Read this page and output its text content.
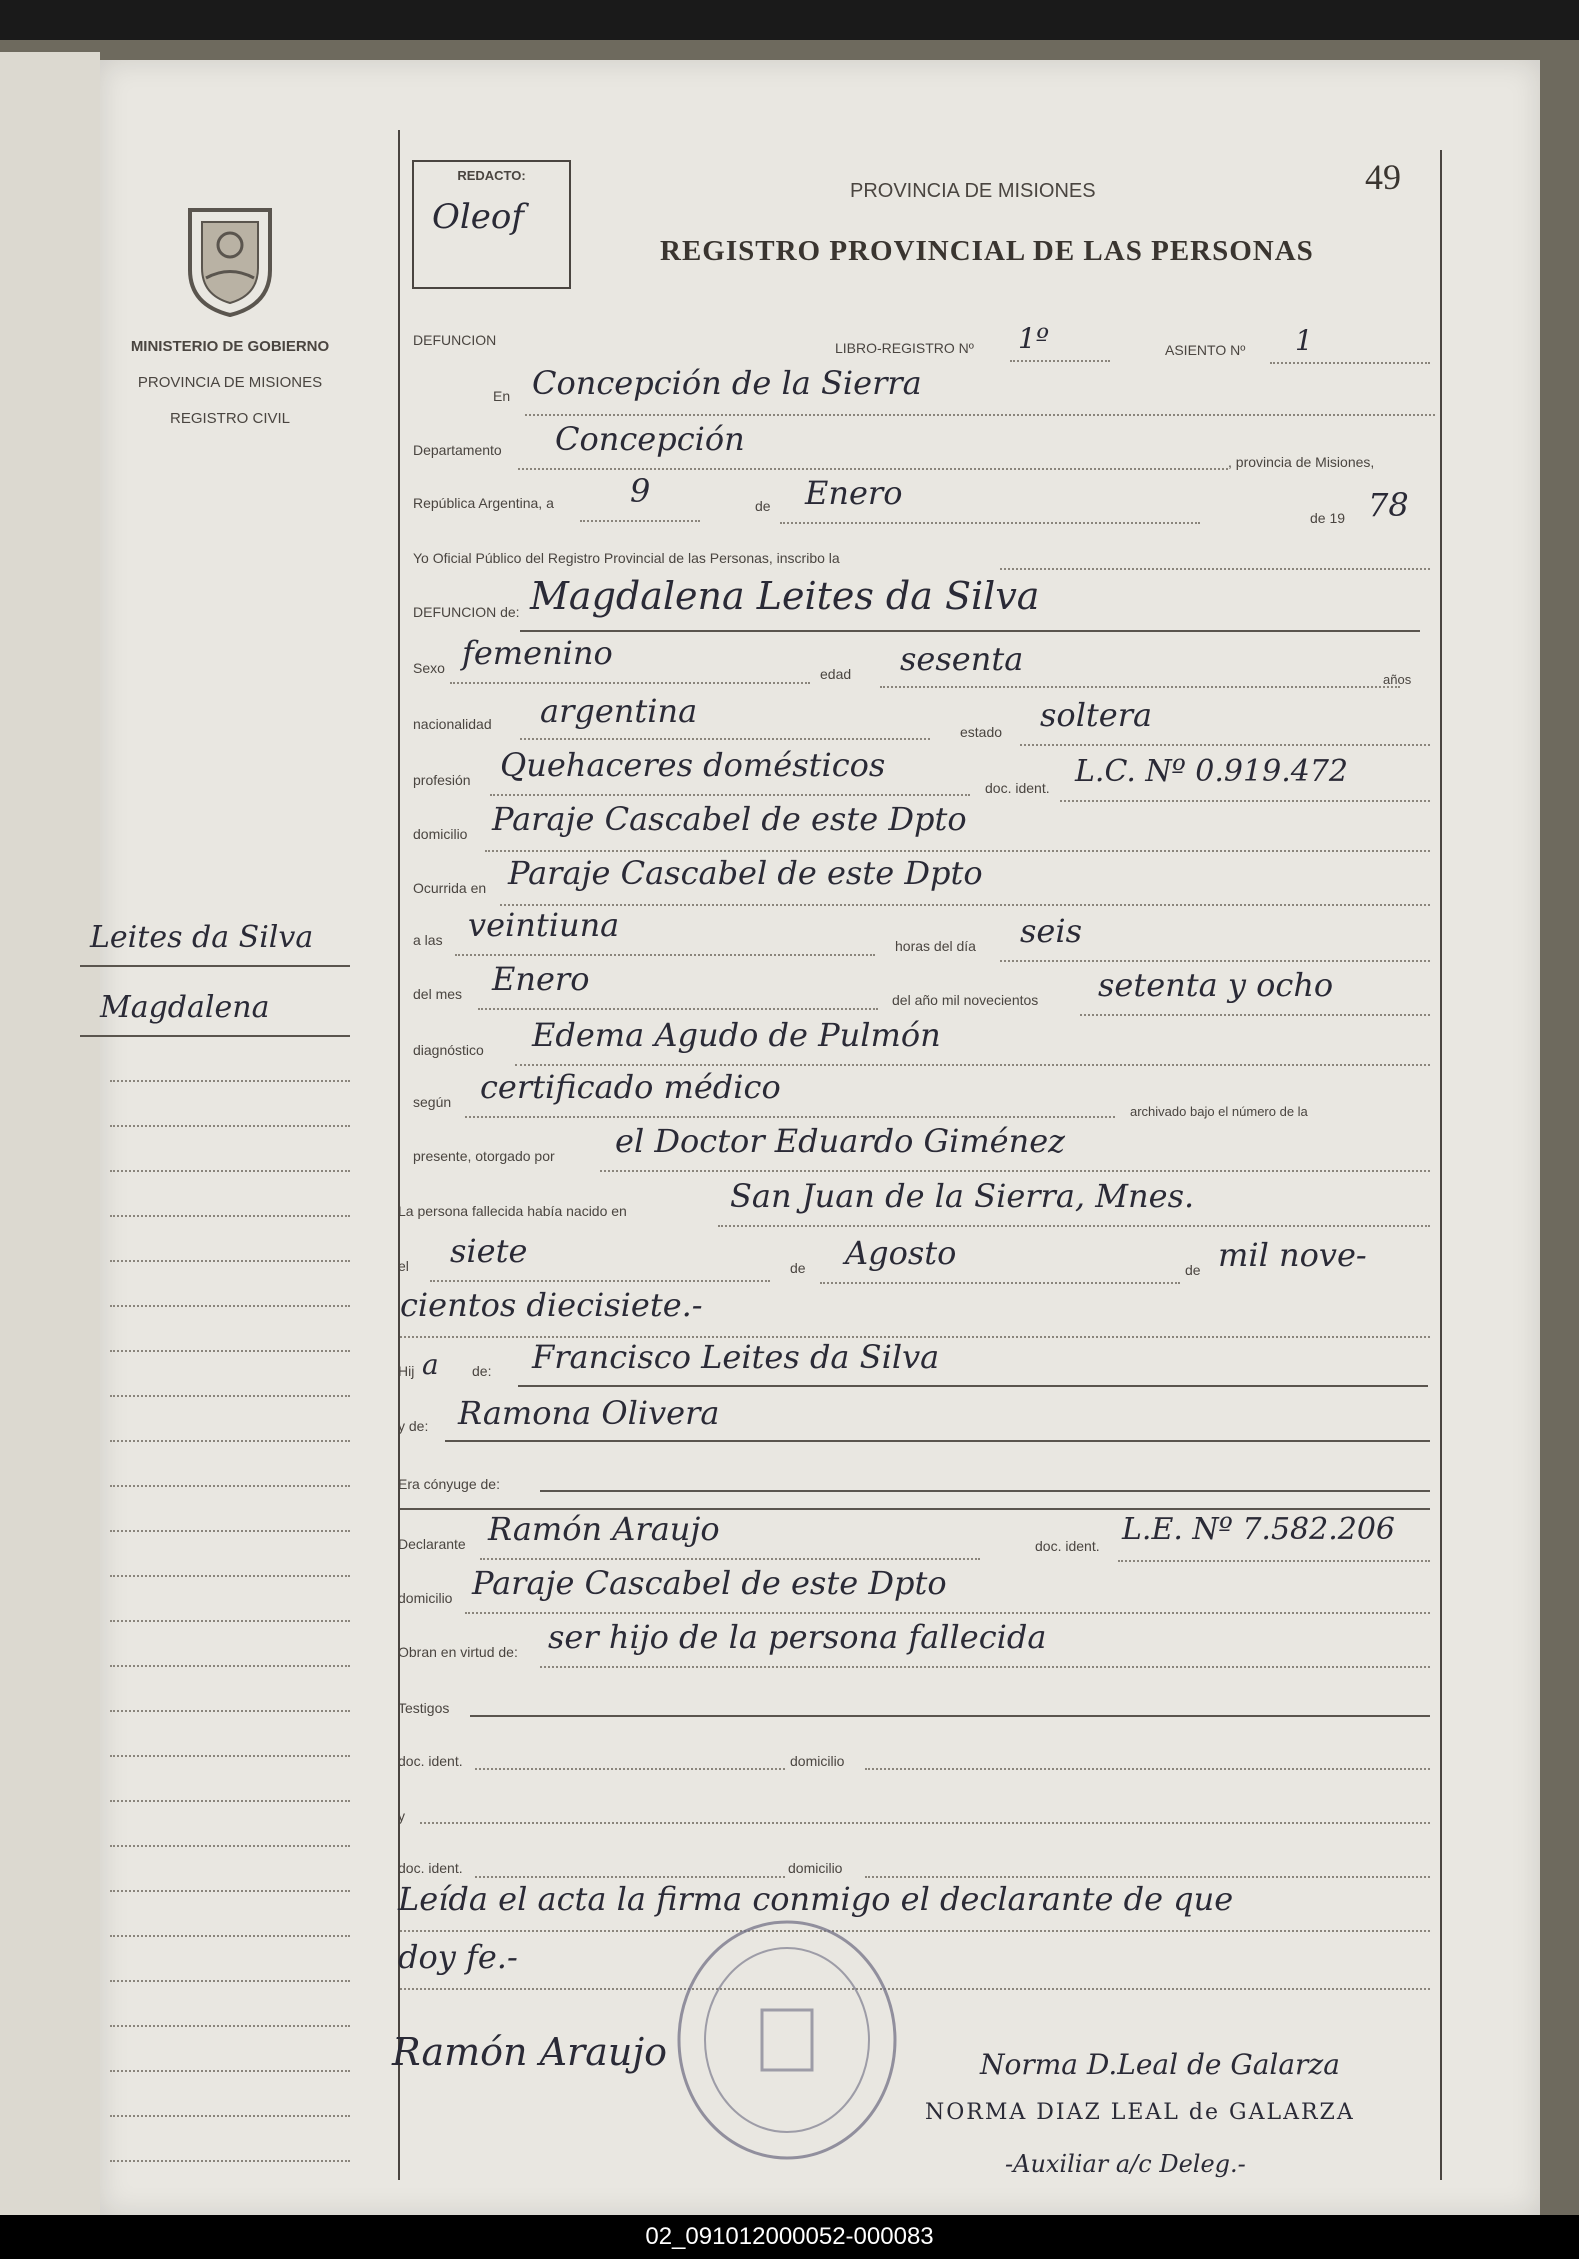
REDACTO:
Oleof
49
PROVINCIA DE MISIONES
REGISTRO PROVINCIAL DE LAS PERSONAS
MINISTERIO DE GOBIERNO
PROVINCIA DE MISIONES
REGISTRO CIVIL
Leites da Silva
Magdalena
DEFUNCION	LIBRO-REGISTRO Nº 1º	ASIENTO Nº 1
En Concepción de la Sierra
Departamento Concepción
, provincia de Misiones,
República Argentina, a 9	de Enero
de 19 78
Yo Oficial Público del Registro Provincial de las Personas, inscribo la
DEFUNCION de: Magdalena Leites da Silva
Sexo femenino
edad sesenta
años
nacionalidad argentina
estado soltera
profesión Quehaceres domésticos
doc. ident. L.C. Nº 0.919.472
domicilio Paraje Cascabel de este Dpto
Ocurrida en Paraje Cascabel de este Dpto
a las veintiuna
horas del día seis
del mes Enero
del año mil novecientos setenta y ocho
diagnóstico Edema Agudo de Pulmón
según certificado médico
archivado bajo el número de la
presente, otorgado por el Doctor Eduardo Giménez
La persona fallecida había nacido en	San Juan de la Sierra, Mnes.
el siete	de Agosto	de mil nove-
cientos diecisiete.-
Hij a de: Francisco Leites da Silva
y de: Ramona Olivera
Era cónyuge de:
Declarante Ramón Araujo	doc. ident. L.E. Nº 7.582.206
domicilio Paraje Cascabel de este Dpto
Obran en virtud de: ser hijo de la persona fallecida
Testigos
doc. ident.	domicilio
y
doc. ident.	domicilio
Leída el acta la firma conmigo el declarante de que
doy fe.-
Ramón Araujo	Norma D.Leal de Galarza
NORMA DIAZ LEAL de GALARZA
-Auxiliar a/c Deleg.-
02_091012000052-000083
